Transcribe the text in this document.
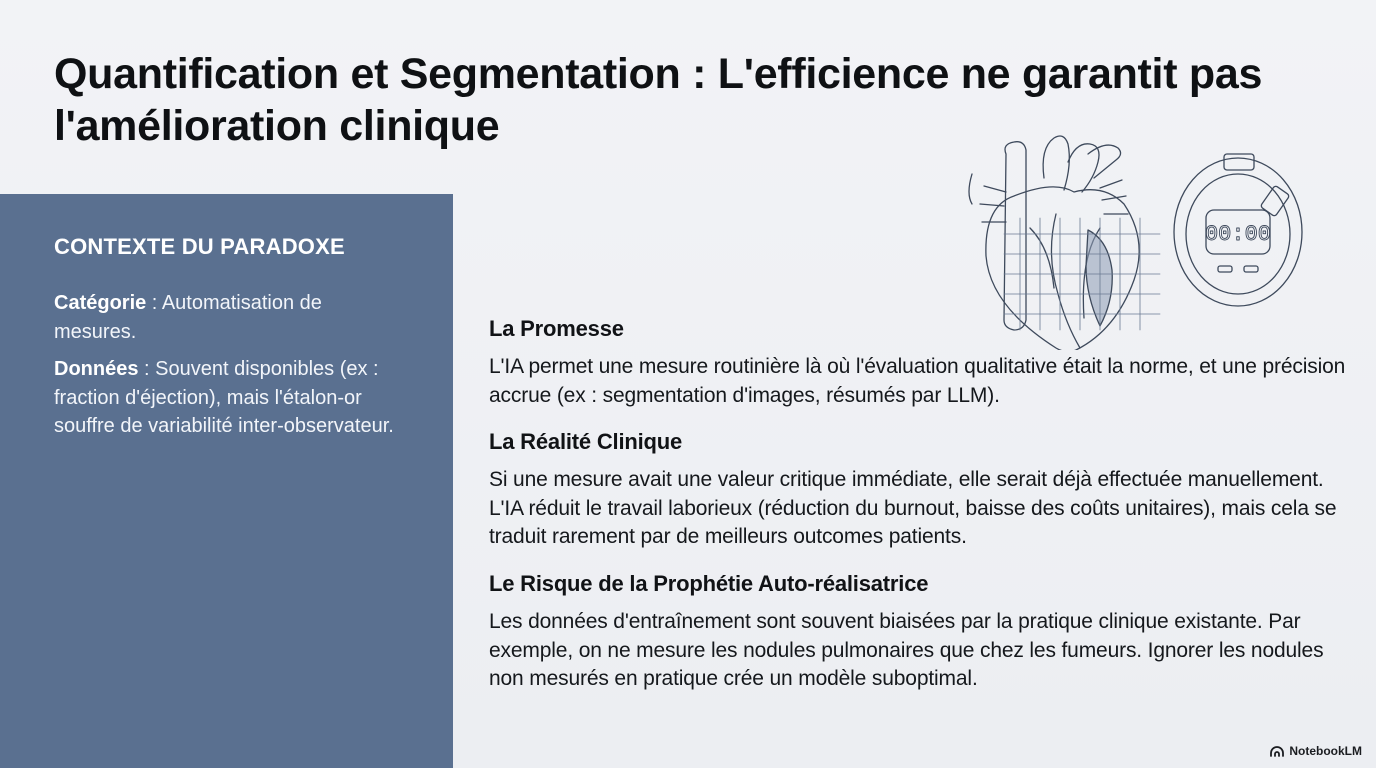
Quantification et Segmentation : L'efficience ne garantit pas l'amélioration clinique
CONTEXTE DU PARADOXE

Catégorie : Automatisation de mesures.

Données : Souvent disponibles (ex : fraction d'éjection), mais l'étalon-or souffre de variabilité inter-observateur.

00:00
La Promesse

L'IA permet une mesure routinière là où l'évaluation qualitative était la norme, et une précision accrue (ex : segmentation d'images, résumés par LLM).

La Réalité Clinique

Si une mesure avait une valeur critique immédiate, elle serait déjà effectuée manuellement. L'IA réduit le travail laborieux (réduction du burnout, baisse des coûts unitaires), mais cela se traduit rarement par de meilleurs outcomes patients.

Le Risque de la Prophétie Auto-réalisatrice

Les données d'entraînement sont souvent biaisées par la pratique clinique existante. Par exemple, on ne mesure les nodules pulmonaires que chez les fumeurs. Ignorer les nodules non mesurés en pratique crée un modèle suboptimal.

NotebookLM
